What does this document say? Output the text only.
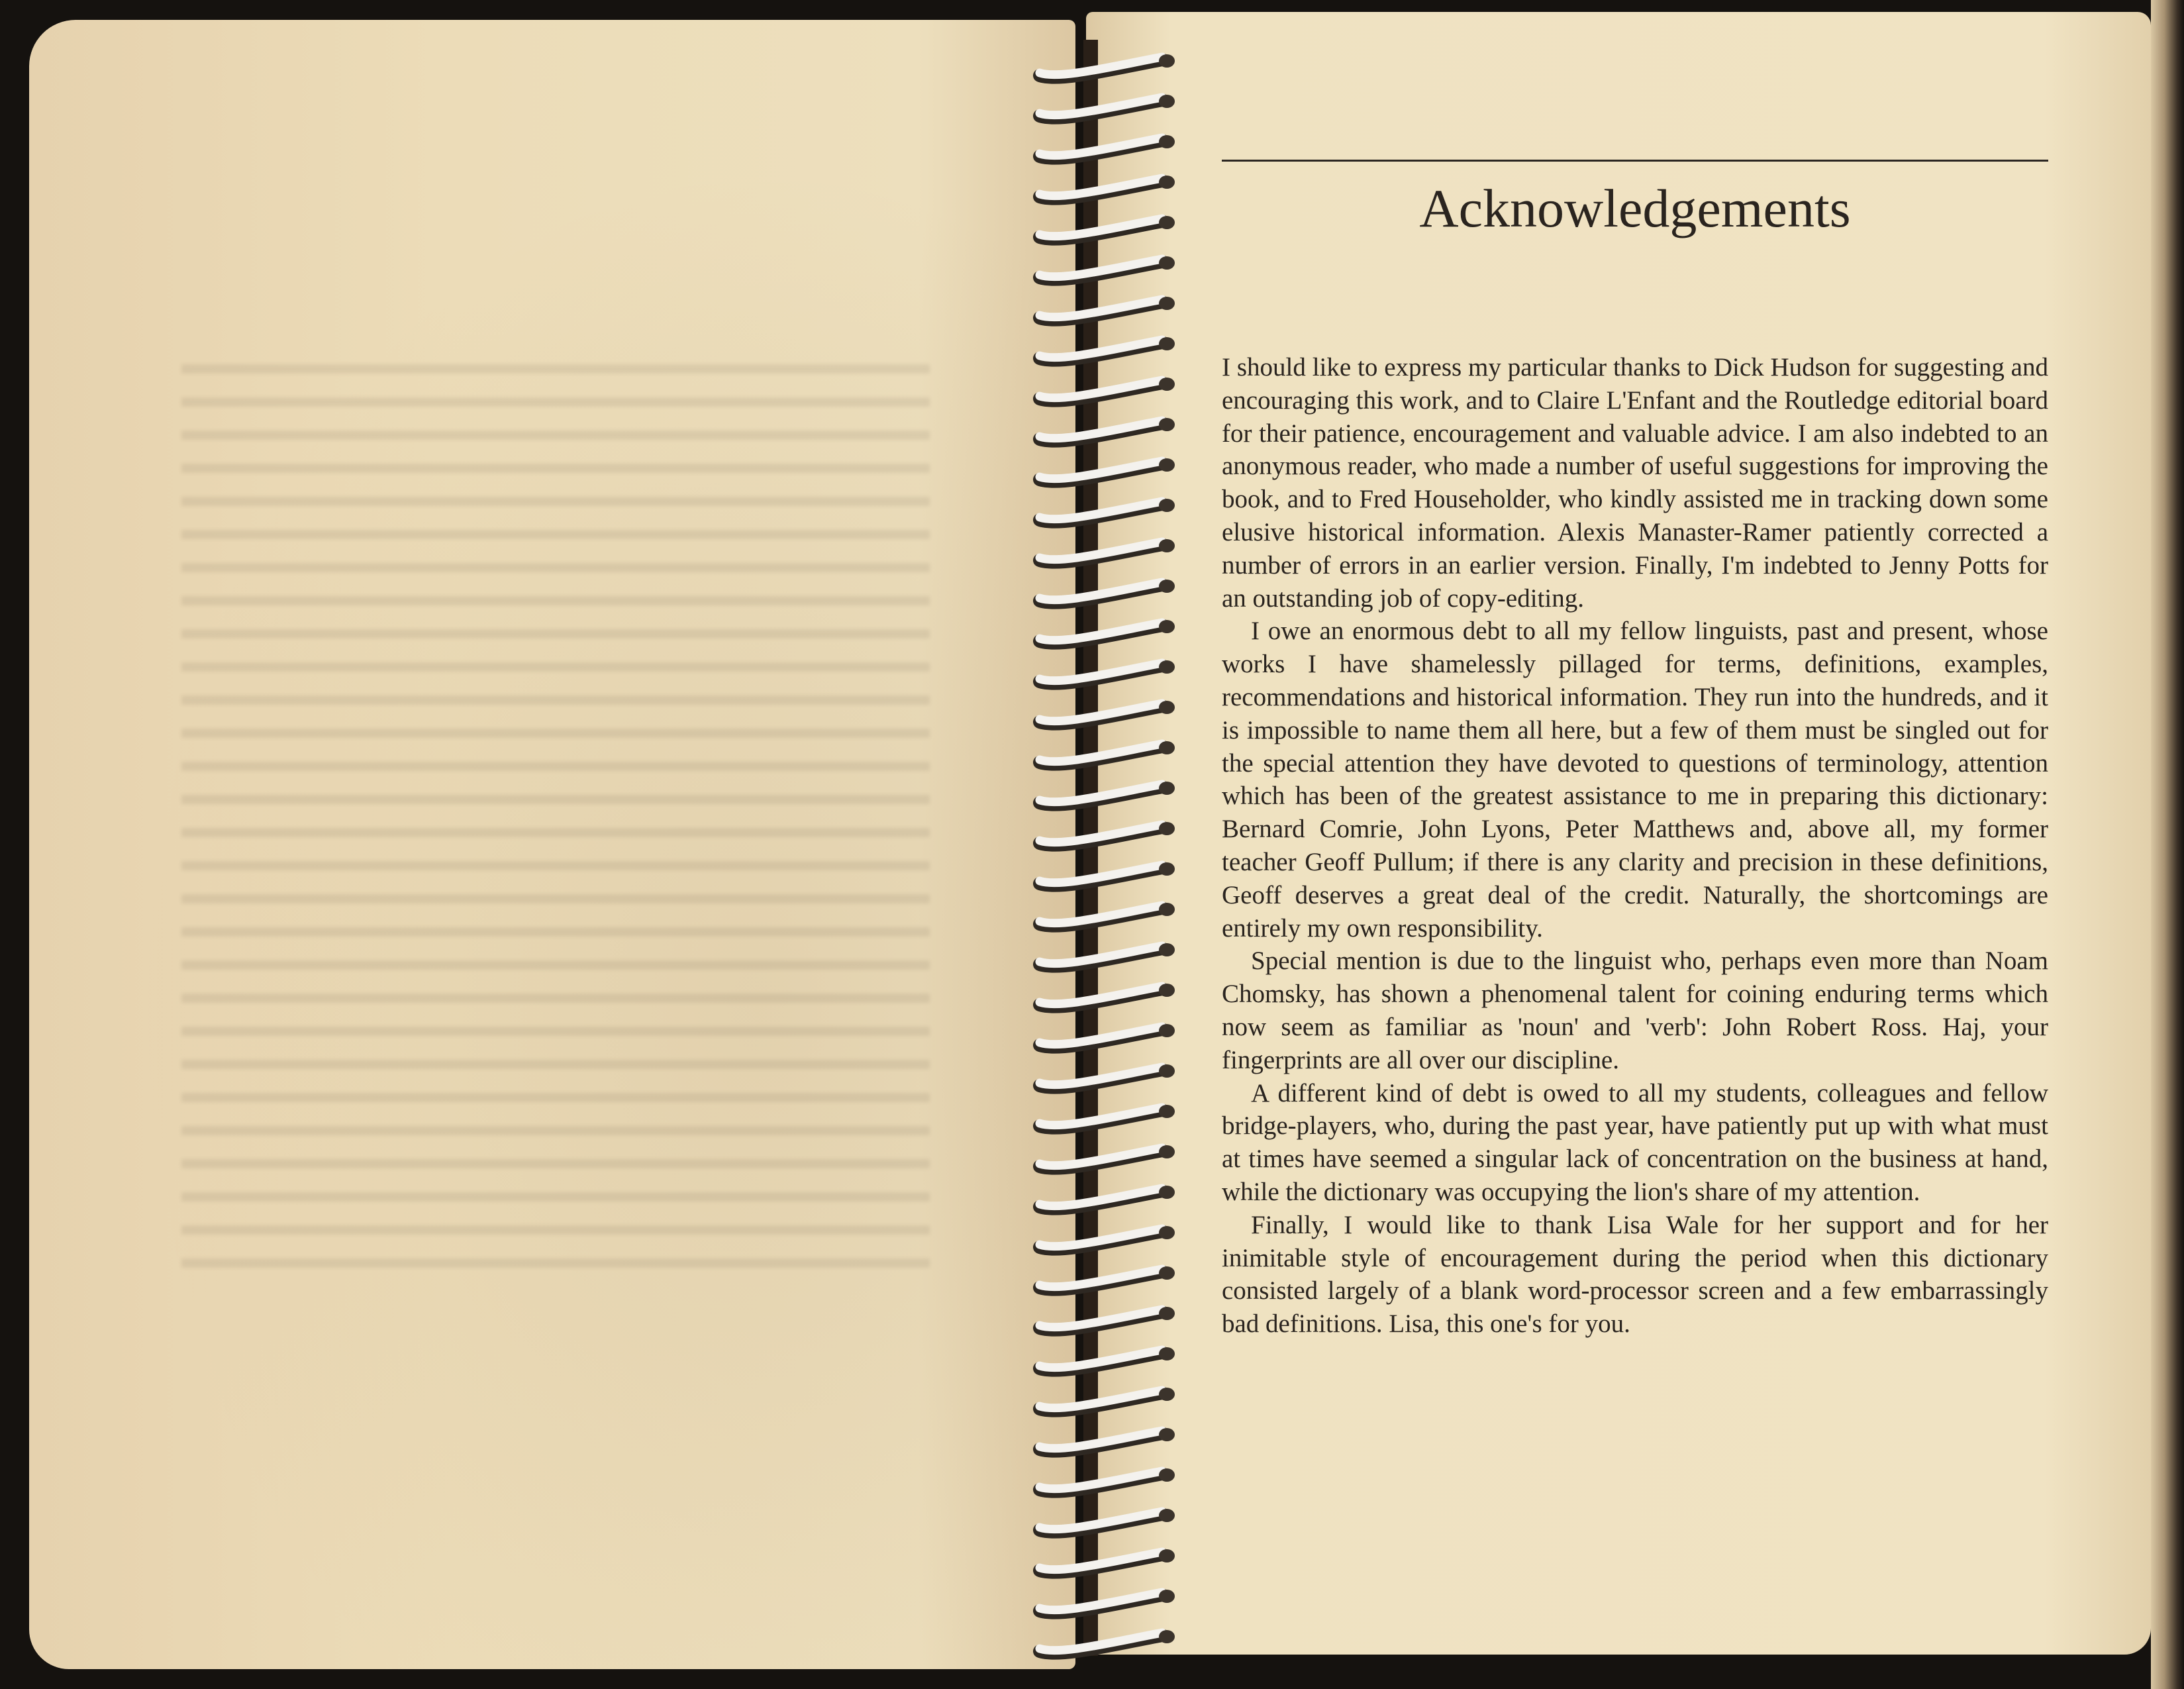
Acknowledgements

I should like to express my particular thanks to Dick Hudson for suggesting and encouraging this work, and to Claire L'Enfant and the Routledge editorial board for their patience, encouragement and valuable advice. I am also indebted to an anonymous reader, who made a number of useful suggestions for improving the book, and to Fred Householder, who kindly assisted me in tracking down some elusive historical information. Alexis Manaster-Ramer patiently corrected a number of errors in an earlier version. Finally, I'm indebted to Jenny Potts for an outstanding job of copy-editing.

I owe an enormous debt to all my fellow linguists, past and present, whose works I have shamelessly pillaged for terms, definitions, examples, recommendations and historical information. They run into the hundreds, and it is impossible to name them all here, but a few of them must be singled out for the special attention they have devoted to questions of terminology, attention which has been of the greatest assistance to me in preparing this dictionary: Bernard Comrie, John Lyons, Peter Matthews and, above all, my former teacher Geoff Pullum; if there is any clarity and precision in these definitions, Geoff deserves a great deal of the credit. Naturally, the shortcomings are entirely my own responsibility.

Special mention is due to the linguist who, perhaps even more than Noam Chomsky, has shown a phenomenal talent for coining enduring terms which now seem as familiar as 'noun' and 'verb': John Robert Ross. Haj, your fingerprints are all over our discipline.

A different kind of debt is owed to all my students, colleagues and fellow bridge-players, who, during the past year, have patiently put up with what must at times have seemed a singular lack of concentration on the business at hand, while the dictionary was occupying the lion's share of my attention.

Finally, I would like to thank Lisa Wale for her support and for her inimitable style of encouragement during the period when this dictionary consisted largely of a blank word-processor screen and a few embarrassingly bad definitions. Lisa, this one's for you.
